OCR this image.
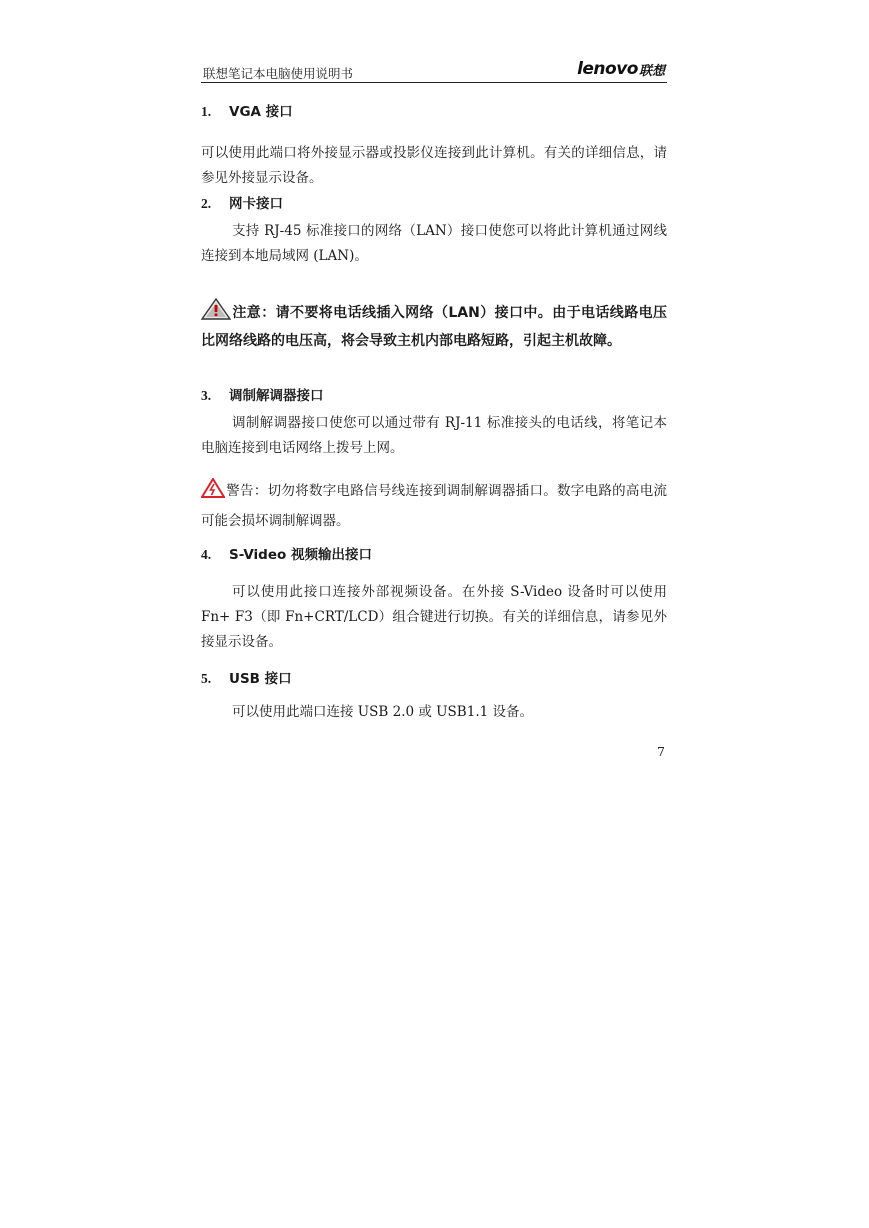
联想笔记本电脑使用说明书	lenovo 联想
1. VGA 接口
可以使用此端口将外接显示器或投影仪连接到此计算机。有关的详细信息，请参见外接显示设备。
2. 网卡接口
支持 RJ-45 标准接口的网络（LAN）接口使您可以将此计算机通过网线连接到本地局域网 (LAN)。
注意：请不要将电话线插入网络（LAN）接口中。由于电话线路电压比网络线路的电压高，将会导致主机内部电路短路，引起主机故障。
3. 调制解调器接口
调制解调器接口使您可以通过带有 RJ-11 标准接头的电话线，将笔记本电脑连接到电话网络上拨号上网。
警告：切勿将数字电路信号线连接到调制解调器插口。数字电路的高电流可能会损坏调制解调器。
4. S-Video 视频输出接口
可以使用此接口连接外部视频设备。在外接 S-Video 设备时可以使用 Fn+ F3（即 Fn+CRT/LCD）组合键进行切换。有关的详细信息，请参见外接显示设备。
5. USB 接口
可以使用此端口连接 USB 2.0 或 USB1.1 设备。
7
